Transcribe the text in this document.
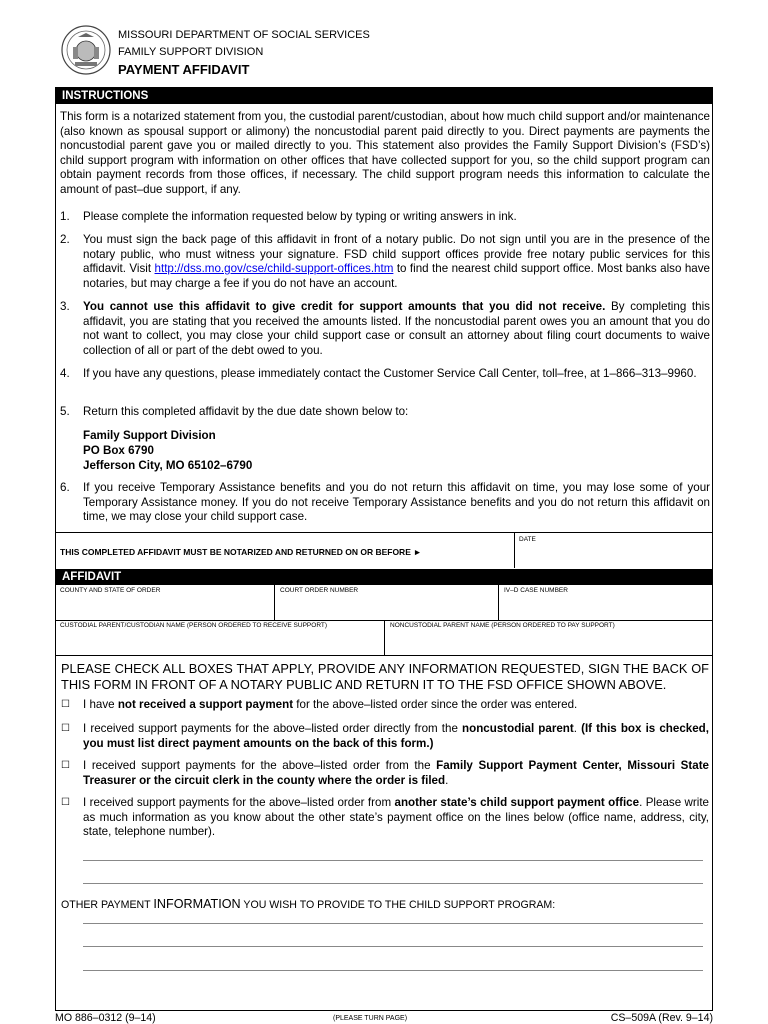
MISSOURI DEPARTMENT OF SOCIAL SERVICES
FAMILY SUPPORT DIVISION
PAYMENT AFFIDAVIT
INSTRUCTIONS
This form is a notarized statement from you, the custodial parent/custodian, about how much child support and/or maintenance (also known as spousal support or alimony) the noncustodial parent paid directly to you. Direct payments are payments the noncustodial parent gave you or mailed directly to you. This statement also provides the Family Support Division’s (FSD’s) child support program with information on other offices that have collected support for you, so the child support program can obtain payment records from those offices, if necessary. The child support program needs this information to calculate the amount of past–due support, if any.
1. Please complete the information requested below by typing or writing answers in ink.
2. You must sign the back page of this affidavit in front of a notary public. Do not sign until you are in the presence of the notary public, who must witness your signature. FSD child support offices provide free notary public services for this affidavit. Visit http://dss.mo.gov/cse/child-support-offices.htm to find the nearest child support office. Most banks also have notaries, but may charge a fee if you do not have an account.
3. You cannot use this affidavit to give credit for support amounts that you did not receive. By completing this affidavit, you are stating that you received the amounts listed. If the noncustodial parent owes you an amount that you do not want to collect, you may close your child support case or consult an attorney about filing court documents to waive collection of all or part of the debt owed to you.
4. If you have any questions, please immediately contact the Customer Service Call Center, toll–free, at 1–866–313–9960.
5. Return this completed affidavit by the due date shown below to:
Family Support Division
PO Box 6790
Jefferson City, MO 65102–6790
6. If you receive Temporary Assistance benefits and you do not return this affidavit on time, you may lose some of your Temporary Assistance money. If you do not receive Temporary Assistance benefits and you do not return this affidavit on time, we may close your child support case.
THIS COMPLETED AFFIDAVIT MUST BE NOTARIZED AND RETURNED ON OR BEFORE ►
DATE
AFFIDAVIT
COUNTY AND STATE OF ORDER	COURT ORDER NUMBER	IV–D CASE NUMBER
CUSTODIAL PARENT/CUSTODIAN NAME (PERSON ORDERED TO RECEIVE SUPPORT)	NONCUSTODIAL PARENT NAME (PERSON ORDERED TO PAY SUPPORT)
PLEASE CHECK ALL BOXES THAT APPLY, PROVIDE ANY INFORMATION REQUESTED, SIGN THE BACK OF THIS FORM IN FRONT OF A NOTARY PUBLIC AND RETURN IT TO THE FSD OFFICE SHOWN ABOVE.
☐ I have not received a support payment for the above–listed order since the order was entered.
☐ I received support payments for the above–listed order directly from the noncustodial parent. (If this box is checked, you must list direct payment amounts on the back of this form.)
☐ I received support payments for the above–listed order from the Family Support Payment Center, Missouri State Treasurer or the circuit clerk in the county where the order is filed.
☐ I received support payments for the above–listed order from another state’s child support payment office. Please write as much information as you know about the other state’s payment office on the lines below (office name, address, city, state, telephone number).
OTHER PAYMENT INFORMATION YOU WISH TO PROVIDE TO THE CHILD SUPPORT PROGRAM:
MO 886–0312 (9–14)	(PLEASE TURN PAGE)	CS–509A (Rev. 9–14)
